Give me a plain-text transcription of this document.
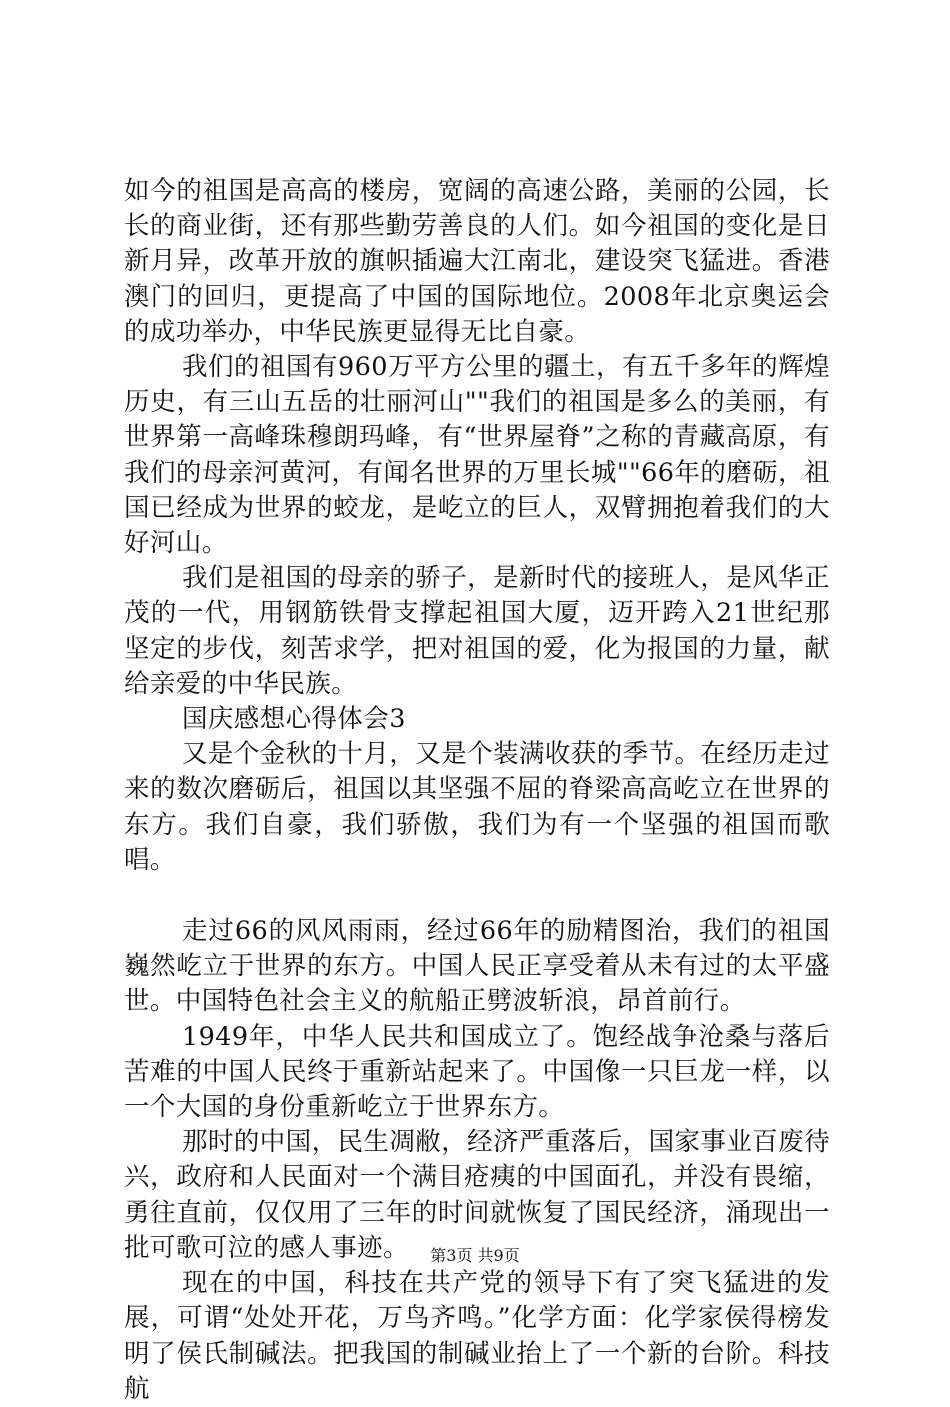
如今的祖国是高高的楼房，宽阔的高速公路，美丽的公园，长长的商业街，还有那些勤劳善良的人们。如今祖国的变化是日新月异，改革开放的旗帜插遍大江南北，建设突飞猛进。香港澳门的回归，更提高了中国的国际地位。2008年北京奥运会的成功举办，中华民族更显得无比自豪。

我们的祖国有960万平方公里的疆土，有五千多年的辉煌历史，有三山五岳的壮丽河山""我们的祖国是多么的美丽，有世界第一高峰珠穆朗玛峰，有“世界屋脊”之称的青藏高原，有我们的母亲河黄河，有闻名世界的万里长城""66年的磨砺，祖国已经成为世界的蛟龙，是屹立的巨人，双臂拥抱着我们的大好河山。

我们是祖国的母亲的骄子，是新时代的接班人，是风华正茂的一代，用钢筋铁骨支撑起祖国大厦，迈开跨入21世纪那坚定的步伐，刻苦求学，把对祖国的爱，化为报国的力量，献给亲爱的中华民族。

国庆感想心得体会3

又是个金秋的十月，又是个装满收获的季节。在经历走过来的数次磨砺后，祖国以其坚强不屈的脊梁高高屹立在世界的东方。我们自豪，我们骄傲，我们为有一个坚强的祖国而歌唱。

走过66的风风雨雨，经过66年的励精图治，我们的祖国巍然屹立于世界的东方。中国人民正享受着从未有过的太平盛世。中国特色社会主义的航船正劈波斩浪，昂首前行。

1949年，中华人民共和国成立了。饱经战争沧桑与落后苦难的中国人民终于重新站起来了。中国像一只巨龙一样，以一个大国的身份重新屹立于世界东方。

那时的中国，民生凋敝，经济严重落后，国家事业百废待兴，政府和人民面对一个满目疮痍的中国面孔，并没有畏缩，勇往直前，仅仅用了三年的时间就恢复了国民经济，涌现出一批可歌可泣的感人事迹。

现在的中国，科技在共产党的领导下有了突飞猛进的发展，可谓“处处开花，万鸟齐鸣。”化学方面：化学家侯得榜发明了侯氏制碱法。把我国的制碱业抬上了一个新的台阶。科技航

第3页 共9页
